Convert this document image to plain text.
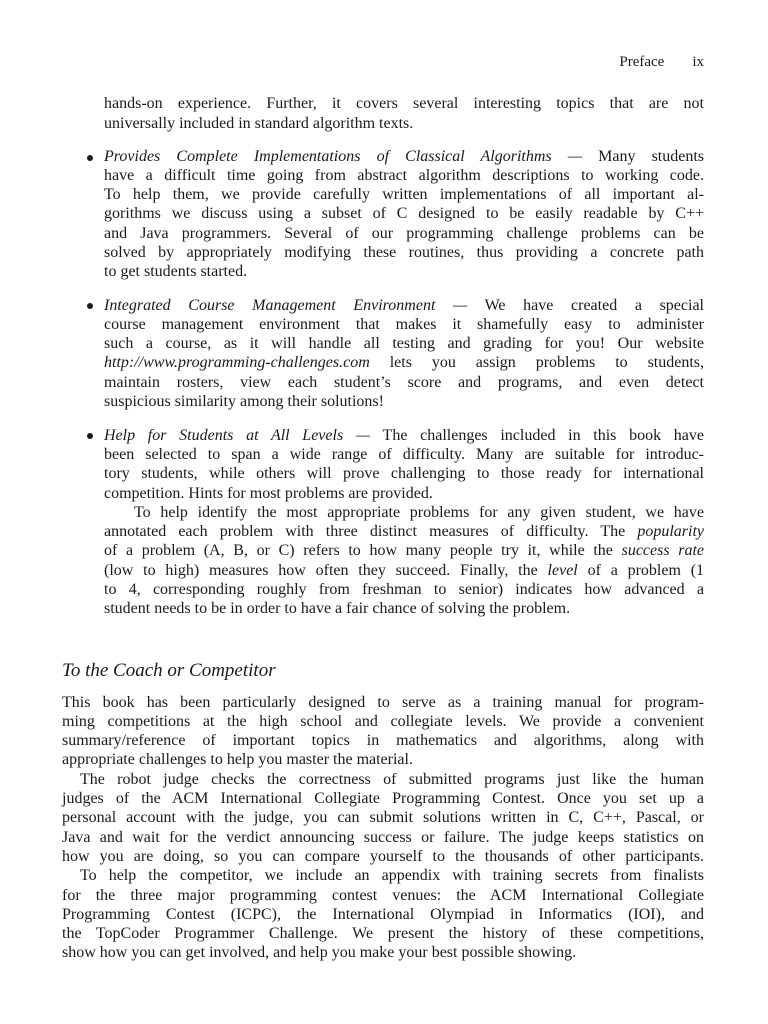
Preface ix
hands-on experience. Further, it covers several interesting topics that are not
universally included in standard algorithm texts.
Provides Complete Implementations of Classical Algorithms — Many students
have a difficult time going from abstract algorithm descriptions to working code.
To help them, we provide carefully written implementations of all important al-
gorithms we discuss using a subset of C designed to be easily readable by C++
and Java programmers. Several of our programming challenge problems can be
solved by appropriately modifying these routines, thus providing a concrete path
to get students started.
Integrated Course Management Environment — We have created a special
course management environment that makes it shamefully easy to administer
such a course, as it will handle all testing and grading for you! Our website
http://www.programming-challenges.com lets you assign problems to students,
maintain rosters, view each student’s score and programs, and even detect
suspicious similarity among their solutions!
Help for Students at All Levels — The challenges included in this book have
been selected to span a wide range of difficulty. Many are suitable for introduc-
tory students, while others will prove challenging to those ready for international
competition. Hints for most problems are provided.
To help identify the most appropriate problems for any given student, we have
annotated each problem with three distinct measures of difficulty. The popularity
of a problem (A, B, or C) refers to how many people try it, while the success rate
(low to high) measures how often they succeed. Finally, the level of a problem (1
to 4, corresponding roughly from freshman to senior) indicates how advanced a
student needs to be in order to have a fair chance of solving the problem.
To the Coach or Competitor
This book has been particularly designed to serve as a training manual for program-
ming competitions at the high school and collegiate levels. We provide a convenient
summary/reference of important topics in mathematics and algorithms, along with
appropriate challenges to help you master the material.
The robot judge checks the correctness of submitted programs just like the human
judges of the ACM International Collegiate Programming Contest. Once you set up a
personal account with the judge, you can submit solutions written in C, C++, Pascal, or
Java and wait for the verdict announcing success or failure. The judge keeps statistics on
how you are doing, so you can compare yourself to the thousands of other participants.
To help the competitor, we include an appendix with training secrets from finalists
for the three major programming contest venues: the ACM International Collegiate
Programming Contest (ICPC), the International Olympiad in Informatics (IOI), and
the TopCoder Programmer Challenge. We present the history of these competitions,
show how you can get involved, and help you make your best possible showing.
